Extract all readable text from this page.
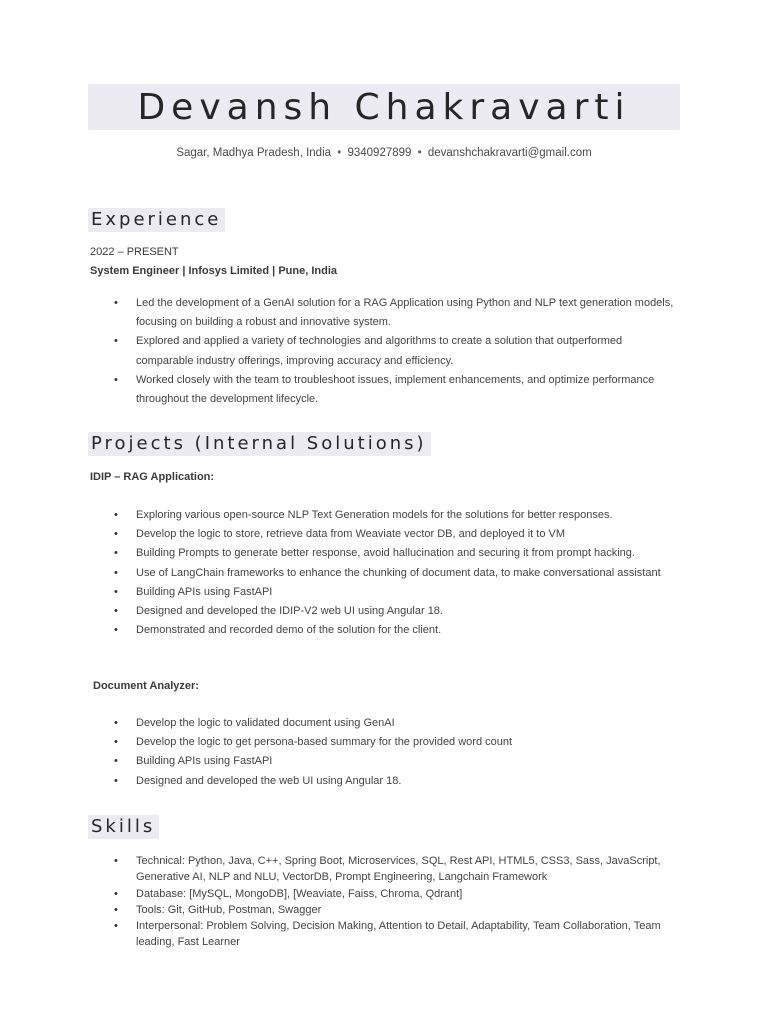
Devansh Chakravarti
Sagar, Madhya Pradesh, India • 9340927899 • devanshchakravarti@gmail.com
Experience
2022 – PRESENT
System Engineer | Infosys Limited | Pune, India
• Led the development of a GenAI solution for a RAG Application using Python and NLP text generation models, focusing on building a robust and innovative system.
• Explored and applied a variety of technologies and algorithms to create a solution that outperformed comparable industry offerings, improving accuracy and efficiency.
• Worked closely with the team to troubleshoot issues, implement enhancements, and optimize performance throughout the development lifecycle.
Projects (Internal Solutions)
IDIP – RAG Application:
• Exploring various open-source NLP Text Generation models for the solutions for better responses.
• Develop the logic to store, retrieve data from Weaviate vector DB, and deployed it to VM
• Building Prompts to generate better response, avoid hallucination and securing it from prompt hacking.
• Use of LangChain frameworks to enhance the chunking of document data, to make conversational assistant
• Building APIs using FastAPI
• Designed and developed the IDIP-V2 web UI using Angular 18.
• Demonstrated and recorded demo of the solution for the client.
Document Analyzer:
• Develop the logic to validated document using GenAI
• Develop the logic to get persona-based summary for the provided word count
• Building APIs using FastAPI
• Designed and developed the web UI using Angular 18.
Skills
• Technical: Python, Java, C++, Spring Boot, Microservices, SQL, Rest API, HTML5, CSS3, Sass, JavaScript, Generative AI, NLP and NLU, VectorDB, Prompt Engineering, Langchain Framework
• Database: [MySQL, MongoDB], [Weaviate, Faiss, Chroma, Qdrant]
• Tools: Git, GitHub, Postman, Swagger
• Interpersonal: Problem Solving, Decision Making, Attention to Detail, Adaptability, Team Collaboration, Team leading, Fast Learner
